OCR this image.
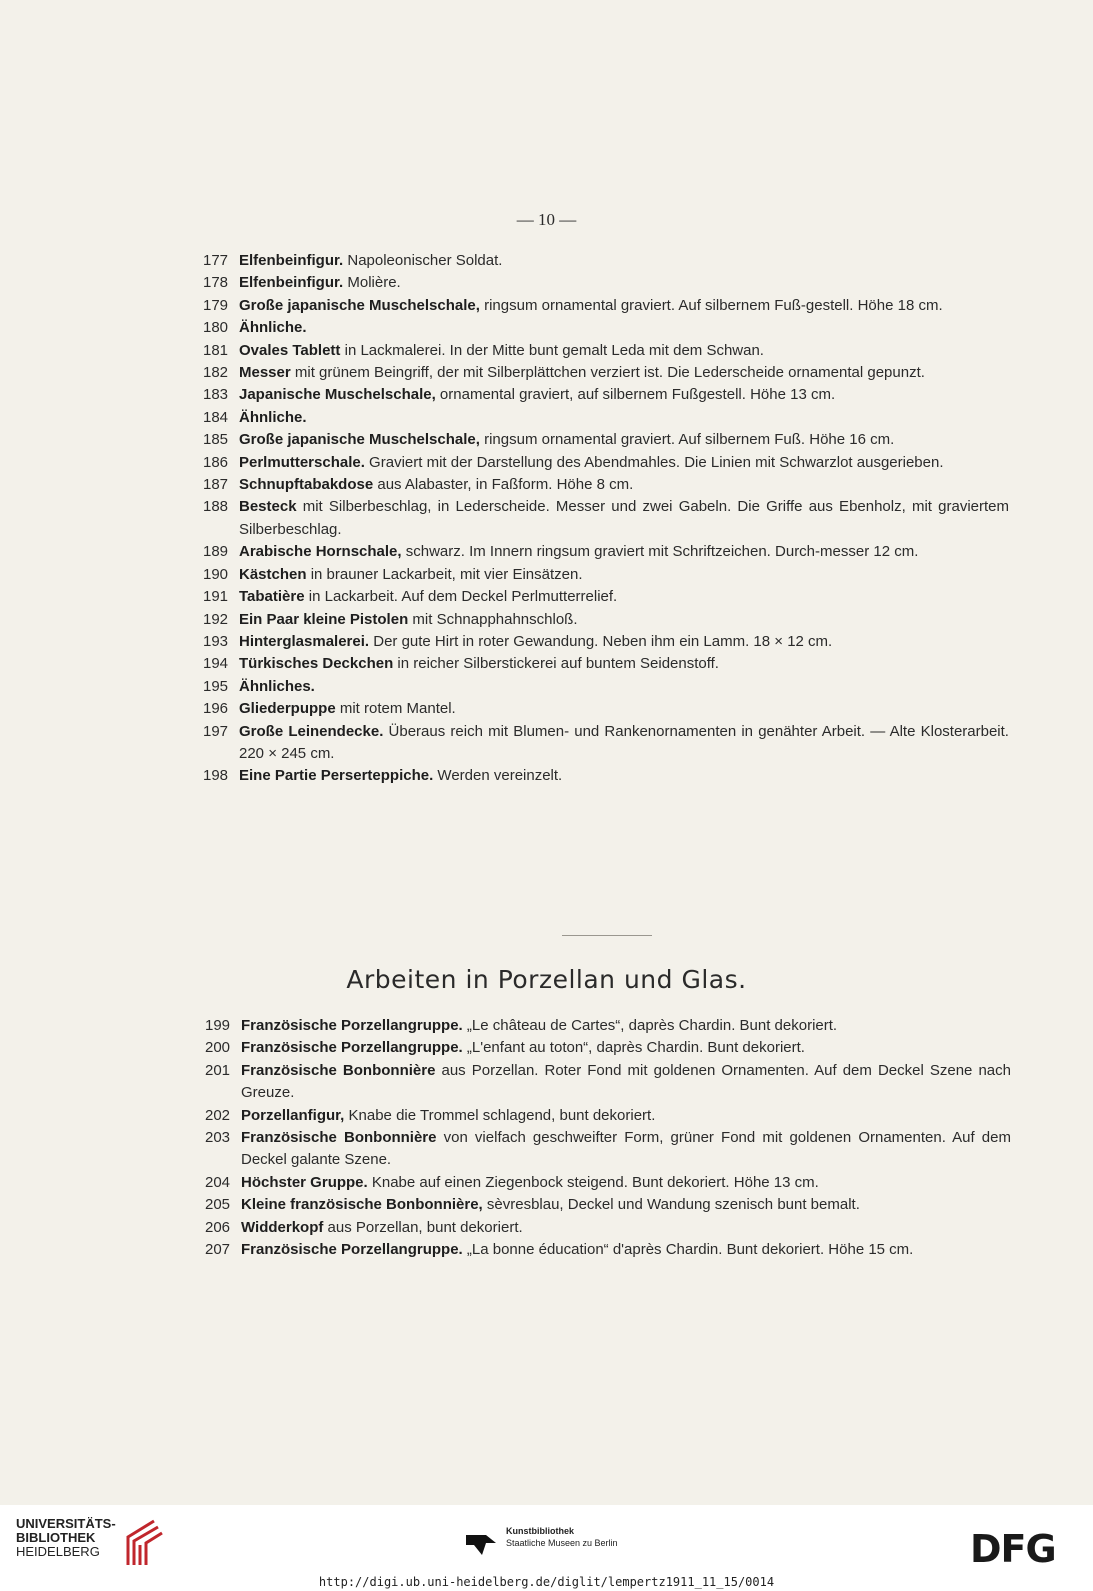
— 10 —
177 Elfenbeinfigur. Napoleonischer Soldat.
178 Elfenbeinfigur. Molière.
179 Große japanische Muschelschale, ringsum ornamental graviert. Auf silbernem Fuß-gestell. Höhe 18 cm.
180 Ähnliche.
181 Ovales Tablett in Lackmalerei. In der Mitte bunt gemalt Leda mit dem Schwan.
182 Messer mit grünem Beingriff, der mit Silberplättchen verziert ist. Die Lederscheide ornamental gepunzt.
183 Japanische Muschelschale, ornamental graviert, auf silbernem Fußgestell. Höhe 13 cm.
184 Ähnliche.
185 Große japanische Muschelschale, ringsum ornamental graviert. Auf silbernem Fuß. Höhe 16 cm.
186 Perlmutterschale. Graviert mit der Darstellung des Abendmahles. Die Linien mit Schwarzlot ausgerieben.
187 Schnupftabakdose aus Alabaster, in Faßform. Höhe 8 cm.
188 Besteck mit Silberbeschlag, in Lederscheide. Messer und zwei Gabeln. Die Griffe aus Ebenholz, mit graviertem Silberbeschlag.
189 Arabische Hornschale, schwarz. Im Innern ringsum graviert mit Schriftzeichen. Durch-messer 12 cm.
190 Kästchen in brauner Lackarbeit, mit vier Einsätzen.
191 Tabatière in Lackarbeit. Auf dem Deckel Perlmutterrelief.
192 Ein Paar kleine Pistolen mit Schnapphahnschloß.
193 Hinterglasmalerei. Der gute Hirt in roter Gewandung. Neben ihm ein Lamm. 18 × 12 cm.
194 Türkisches Deckchen in reicher Silberstickerei auf buntem Seidenstoff.
195 Ähnliches.
196 Gliederpuppe mit rotem Mantel.
197 Große Leinendecke. Überaus reich mit Blumen- und Rankenornamenten in genähter Arbeit. — Alte Klosterarbeit. 220 × 245 cm.
198 Eine Partie Perserteppiche. Werden vereinzelt.
Arbeiten in Porzellan und Glas.
199 Französische Porzellangruppe. „Le château de Cartes“, daprès Chardin. Bunt dekoriert.
200 Französische Porzellangruppe. „L'enfant au toton“, daprès Chardin. Bunt dekoriert.
201 Französische Bonbonnière aus Porzellan. Roter Fond mit goldenen Ornamenten. Auf dem Deckel Szene nach Greuze.
202 Porzellanfigur, Knabe die Trommel schlagend, bunt dekoriert.
203 Französische Bonbonnière von vielfach geschweifter Form, grüner Fond mit goldenen Ornamenten. Auf dem Deckel galante Szene.
204 Höchster Gruppe. Knabe auf einen Ziegenbock steigend. Bunt dekoriert. Höhe 13 cm.
205 Kleine französische Bonbonnière, sèvresblau, Deckel und Wandung szenisch bunt bemalt.
206 Widderkopf aus Porzellan, bunt dekoriert.
207 Französische Porzellangruppe. „La bonne éducation“ d'après Chardin. Bunt dekoriert. Höhe 15 cm.
UNIVERSITÄTS-
BIBLIOTHEK
HEIDELBERG
Kunstbibliothek
Staatliche Museen zu Berlin	DFG
http://digi.ub.uni-heidelberg.de/diglit/lempertz1911_11_15/0014
